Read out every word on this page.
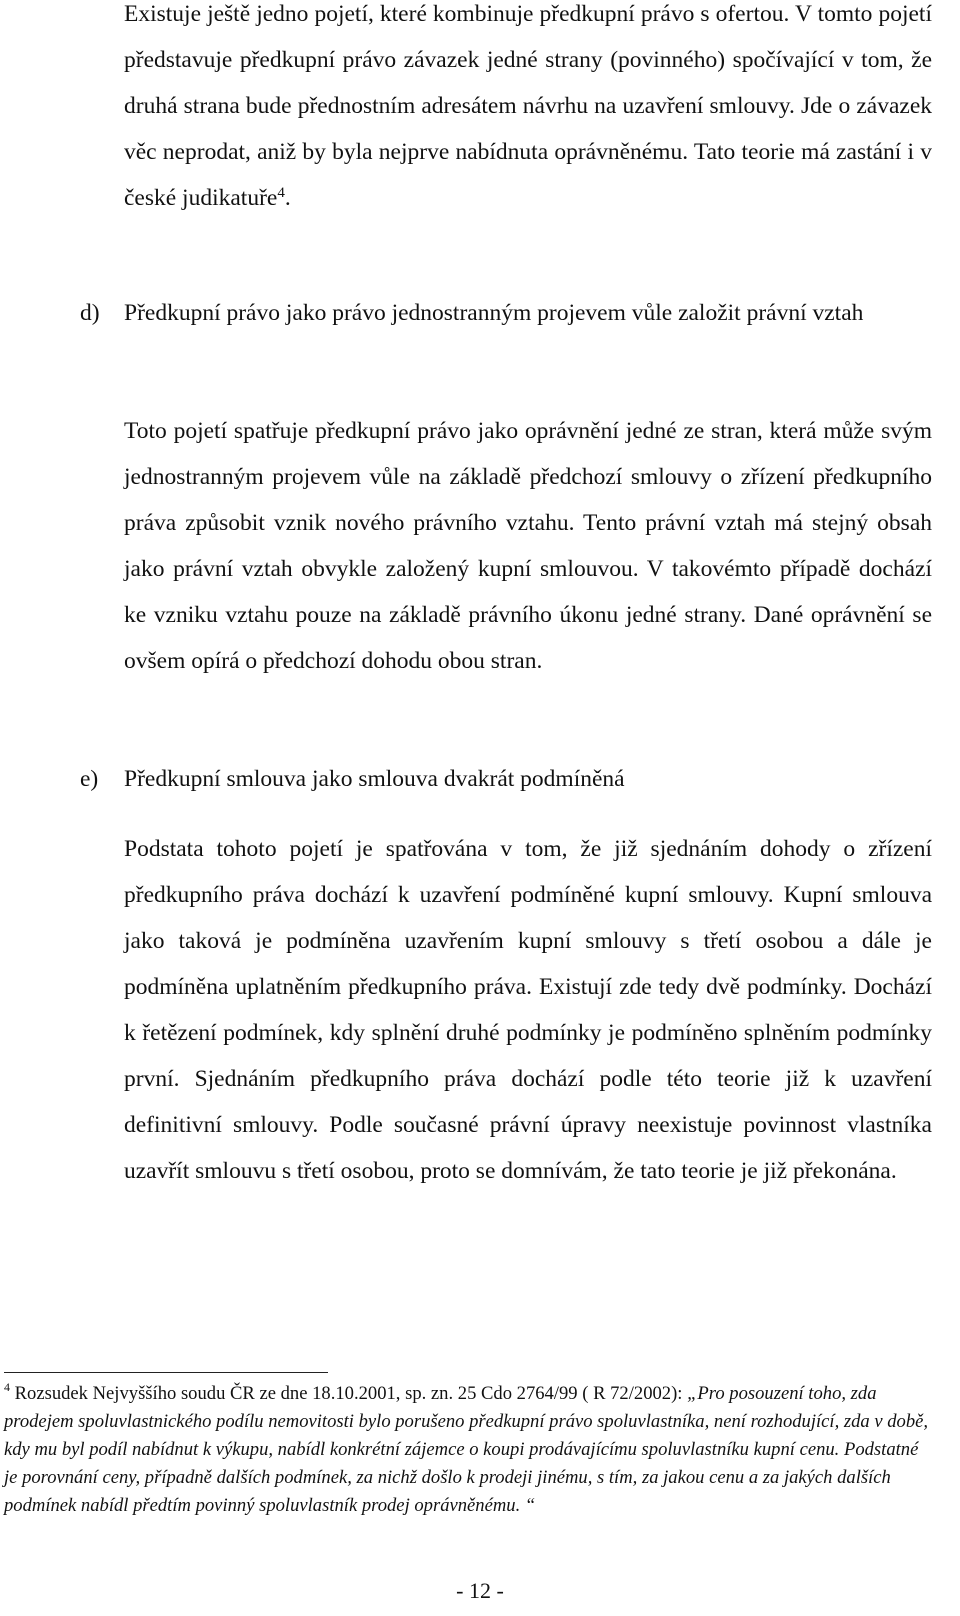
Existuje ještě jedno pojetí, které kombinuje předkupní právo s ofertou. V tomto pojetí představuje předkupní právo závazek jedné strany (povinného) spočívající v tom, že druhá strana bude přednostním adresátem návrhu na uzavření smlouvy. Jde o závazek věc neprodat, aniž by byla nejprve nabídnuta oprávněnému. Tato teorie má zastání i v české judikatuře$^4$.

d) Předkupní právo jako právo jednostranným projevem vůle založit právní vztah

Toto pojetí spatřuje předkupní právo jako oprávnění jedné ze stran, která může svým jednostranným projevem vůle na základě předchozí smlouvy o zřízení předkupního práva způsobit vznik nového právního vztahu. Tento právní vztah má stejný obsah jako právní vztah obvykle založený kupní smlouvou. V takovémto případě dochází ke vzniku vztahu pouze na základě právního úkonu jedné strany. Dané oprávnění se ovšem opírá o předchozí dohodu obou stran.

e) Předkupní smlouva jako smlouva dvakrát podmíněná

Podstata tohoto pojetí je spatřována v tom, že již sjednáním dohody o zřízení předkupního práva dochází k uzavření podmíněné kupní smlouvy. Kupní smlouva jako taková je podmíněna uzavřením kupní smlouvy s třetí osobou a dále je podmíněna uplatněním předkupního práva. Existují zde tedy dvě podmínky. Dochází k řetězení podmínek, kdy splnění druhé podmínky je podmíněno splněním podmínky první. Sjednáním předkupního práva dochází podle této teorie již k uzavření definitivní smlouvy. Podle současné právní úpravy neexistuje povinnost vlastníka uzavřít smlouvu s třetí osobou, proto se domnívám, že tato teorie je již překonána.

$^4$ Rozsudek Nejvyššího soudu ČR ze dne 18.10.2001, sp. zn. 25 Cdo 2764/99 ( R 72/2002): „Pro posouzení toho, zda prodejem spoluvlastnického podílu nemovitosti bylo porušeno předkupní právo spoluvlastníka, není rozhodující, zda v době, kdy mu byl podíl nabídnut k výkupu, nabídl konkrétní zájemce o koupi prodávajícímu spoluvlastníku kupní cenu. Podstatné je porovnání ceny, případně dalších podmínek, za nichž došlo k prodeji jinému, s tím, za jakou cenu a za jakých dalších podmínek nabídl předtím povinný spoluvlastník prodej oprávněnému. “

- 12 -
